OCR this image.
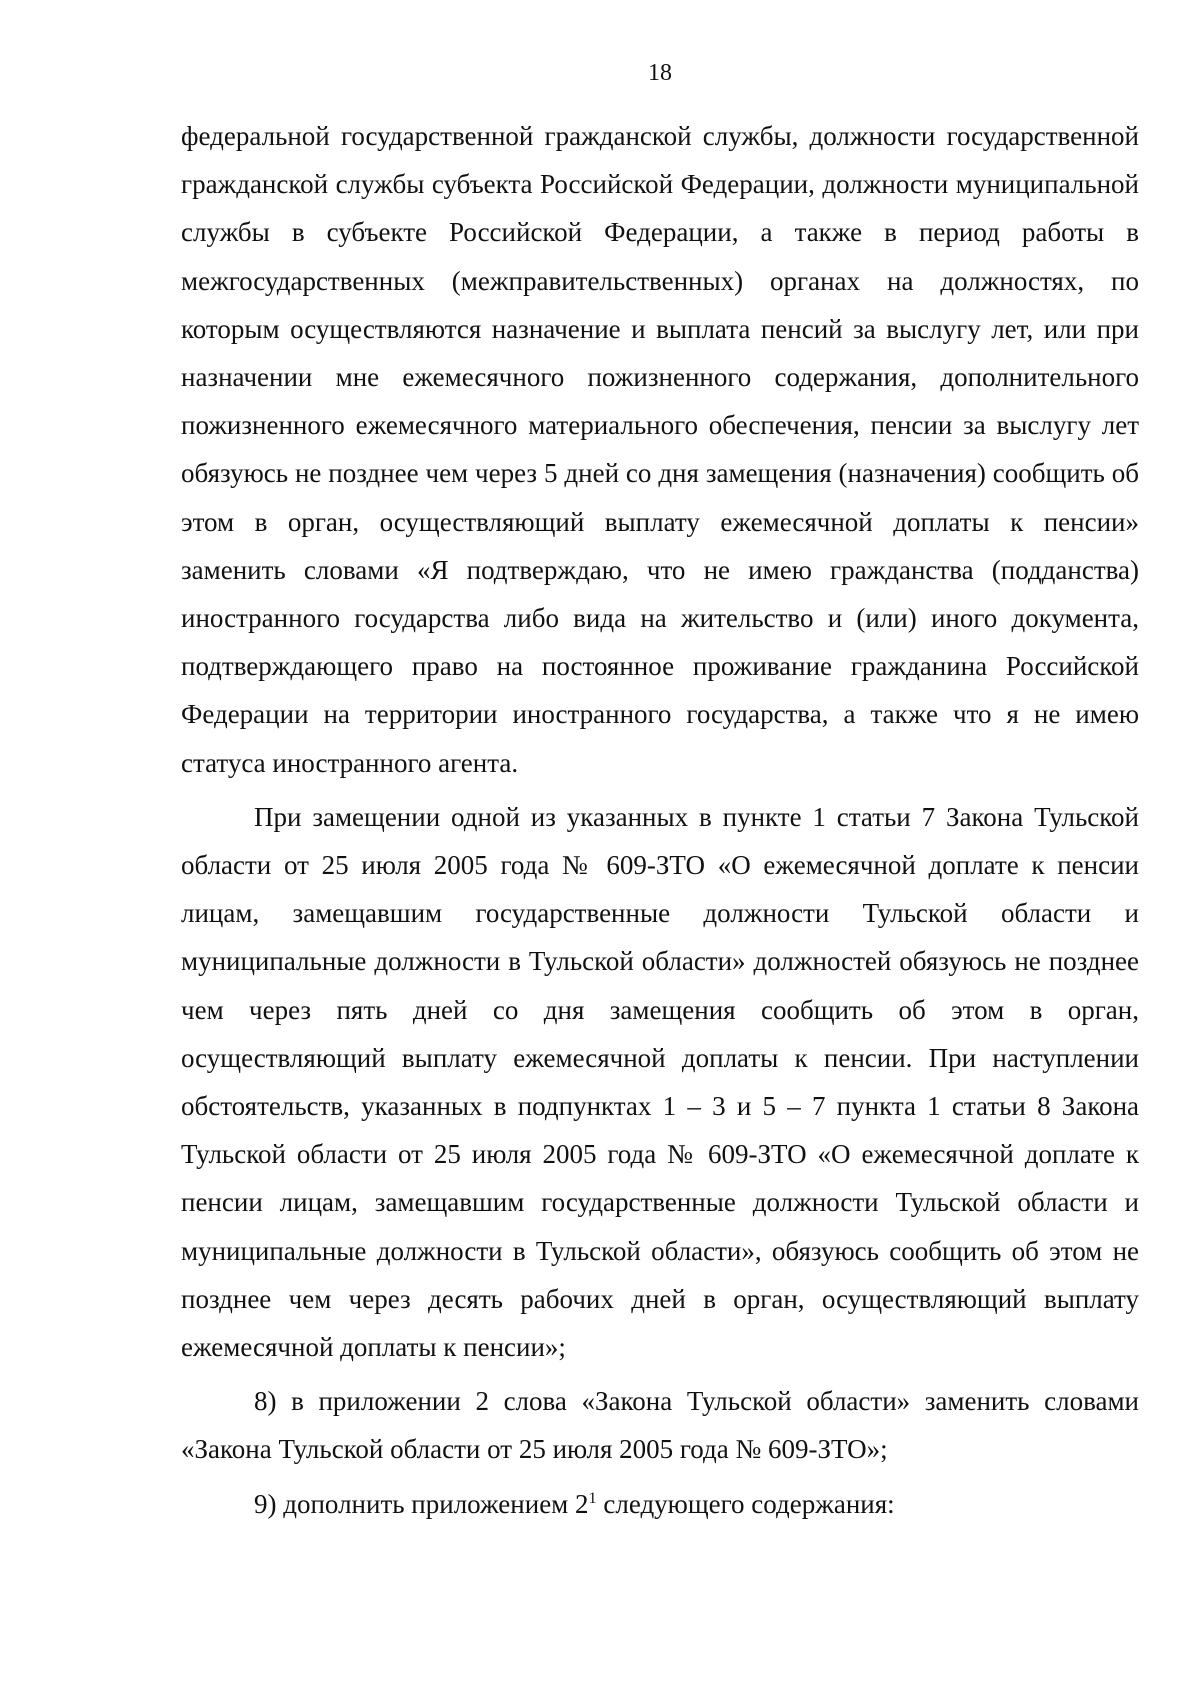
18

федеральной государственной гражданской службы, должности государственной гражданской службы субъекта Российской Федерации, должности муниципальной службы в субъекте Российской Федерации, а также в период работы в межгосударственных (межправительственных) органах на должностях, по которым осуществляются назначение и выплата пенсий за выслугу лет, или при назначении мне ежемесячного пожизненного содержания, дополнительного пожизненного ежемесячного материального обеспечения, пенсии за выслугу лет обязуюсь не позднее чем через 5 дней со дня замещения (назначения) сообщить об этом в орган, осуществляющий выплату ежемесячной доплаты к пенсии» заменить словами «Я подтверждаю, что не имею гражданства (подданства) иностранного государства либо вида на жительство и (или) иного документа, подтверждающего право на постоянное проживание гражданина Российской Федерации на территории иностранного государства, а также что я не имею статуса иностранного агента.

При замещении одной из указанных в пункте 1 статьи 7 Закона Тульской области от 25 июля 2005 года № 609-ЗТО «О ежемесячной доплате к пенсии лицам, замещавшим государственные должности Тульской области и муниципальные должности в Тульской области» должностей обязуюсь не позднее чем через пять дней со дня замещения сообщить об этом в орган, осуществляющий выплату ежемесячной доплаты к пенсии. При наступлении обстоятельств, указанных в подпунктах 1 – 3 и 5 – 7 пункта 1 статьи 8 Закона Тульской области от 25 июля 2005 года № 609-ЗТО «О ежемесячной доплате к пенсии лицам, замещавшим государственные должности Тульской области и муниципальные должности в Тульской области», обязуюсь сообщить об этом не позднее чем через десять рабочих дней в орган, осуществляющий выплату ежемесячной доплаты к пенсии»;

8) в приложении 2 слова «Закона Тульской области» заменить словами «Закона Тульской области от 25 июля 2005 года № 609-ЗТО»;

9) дополнить приложением $2^1$ следующего содержания:
